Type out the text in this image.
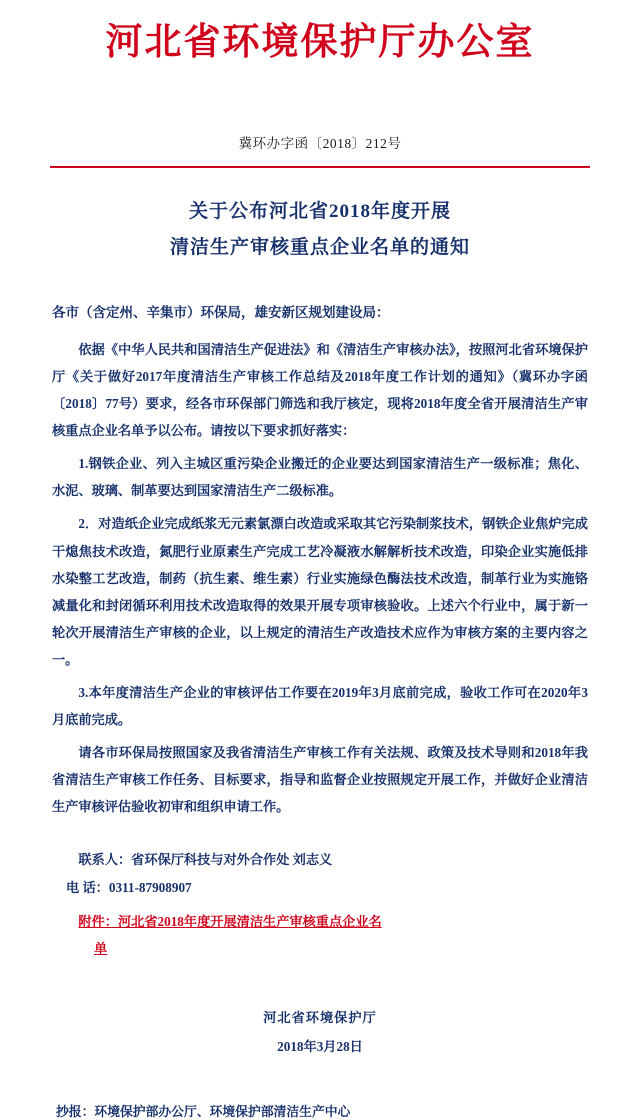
河北省环境保护厅办公室
冀环办字函〔2018〕212号
关于公布河北省2018年度开展
清洁生产审核重点企业名单的通知
各市（含定州、辛集市）环保局，雄安新区规划建设局：
依据《中华人民共和国清洁生产促进法》和《清洁生产审核办法》，按照河北省环境保护厅《关于做好2017年度清洁生产审核工作总结及2018年度工作计划的通知》（冀环办字函〔2018〕77号）要求，经各市环保部门筛选和我厅核定，现将2018年度全省开展清洁生产审核重点企业名单予以公布。请按以下要求抓好落实：
1.钢铁企业、列入主城区重污染企业搬迁的企业要达到国家清洁生产一级标准；焦化、水泥、玻璃、制革要达到国家清洁生产二级标准。
2．对造纸企业完成纸浆无元素氯漂白改造或采取其它污染制浆技术，钢铁企业焦炉完成干熄焦技术改造，氮肥行业原素生产完成工艺冷凝液水解解析技术改造，印染企业实施低排水染整工艺改造，制药（抗生素、维生素）行业实施绿色酶法技术改造，制革行业为实施铬减量化和封闭循环利用技术改造取得的效果开展专项审核验收。上述六个行业中，属于新一轮次开展清洁生产审核的企业，以上规定的清洁生产改造技术应作为审核方案的主要内容之一。
3.本年度清洁生产企业的审核评估工作要在2019年3月底前完成，验收工作可在2020年3月底前完成。
请各市环保局按照国家及我省清洁生产审核工作有关法规、政策及技术导则和2018年我省清洁生产审核工作任务、目标要求，指导和监督企业按照规定开展工作，并做好企业清洁生产审核评估验收初审和组织申请工作。
联系人：省环保厅科技与对外合作处 刘志义
电 话：0311-87908907
附件：河北省2018年度开展清洁生产审核重点企业名
单
河北省环境保护厅
2018年3月28日
抄报：环境保护部办公厅、环境保护部清洁生产中心
